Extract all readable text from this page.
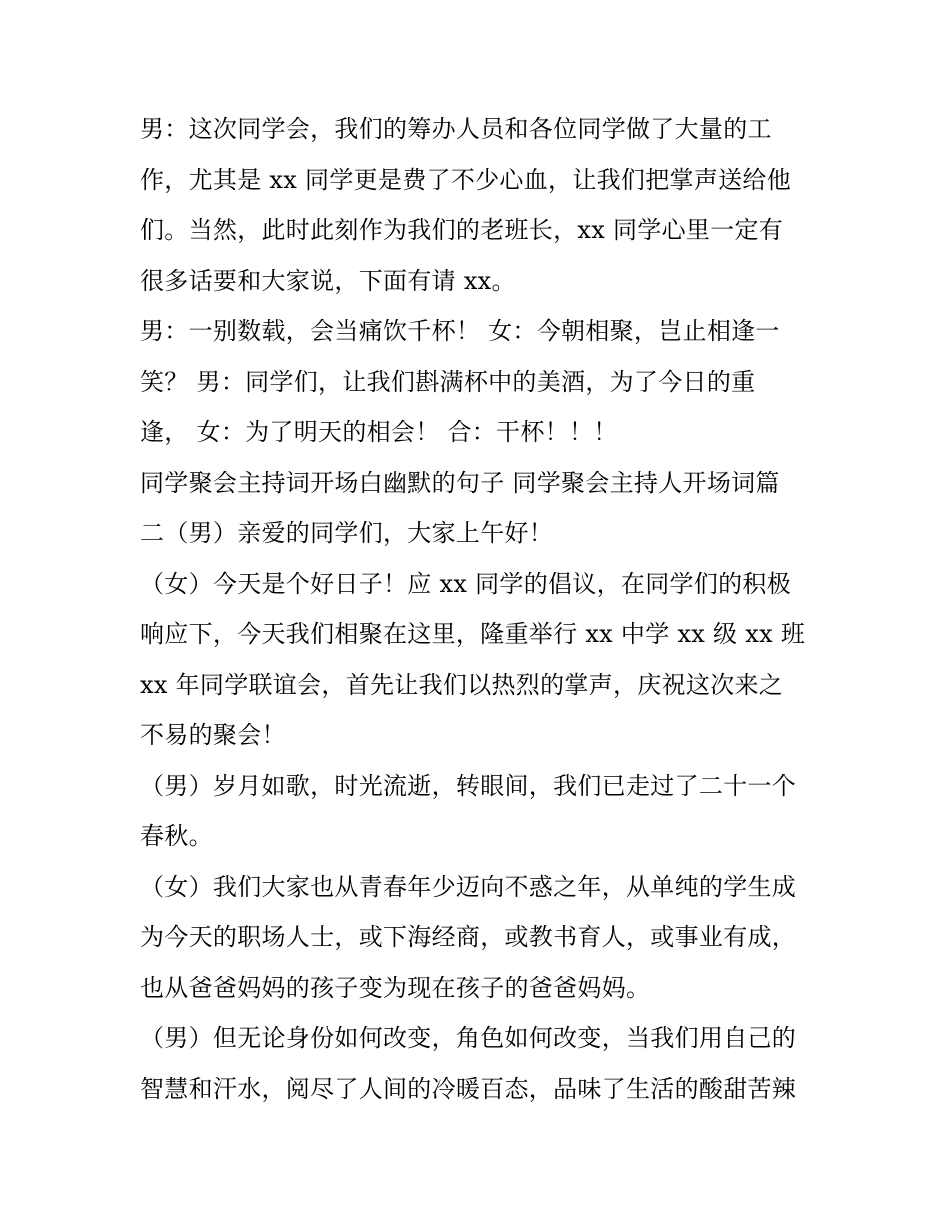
男：这次同学会，我们的筹办人员和各位同学做了大量的工
作，尤其是 xx 同学更是费了不少心血，让我们把掌声送给他
们。当然，此时此刻作为我们的老班长，xx 同学心里一定有
很多话要和大家说，下面有请 xx。

男：一别数载，会当痛饮千杯！ 女：今朝相聚，岂止相逢一
笑？ 男：同学们，让我们斟满杯中的美酒，为了今日的重
逢， 女：为了明天的相会！ 合：干杯！！！

同学聚会主持词开场白幽默的句子 同学聚会主持人开场词篇
二（男）亲爱的同学们，大家上午好！

（女）今天是个好日子！应 xx 同学的倡议，在同学们的积极
响应下，今天我们相聚在这里，隆重举行 xx 中学 xx 级 xx 班
xx 年同学联谊会，首先让我们以热烈的掌声，庆祝这次来之
不易的聚会！

（男）岁月如歌，时光流逝，转眼间，我们已走过了二十一个
春秋。

（女）我们大家也从青春年少迈向不惑之年，从单纯的学生成
为今天的职场人士，或下海经商，或教书育人，或事业有成，
也从爸爸妈妈的孩子变为现在孩子的爸爸妈妈。

（男）但无论身份如何改变，角色如何改变，当我们用自己的
智慧和汗水，阅尽了人间的冷暖百态，品味了生活的酸甜苦辣
